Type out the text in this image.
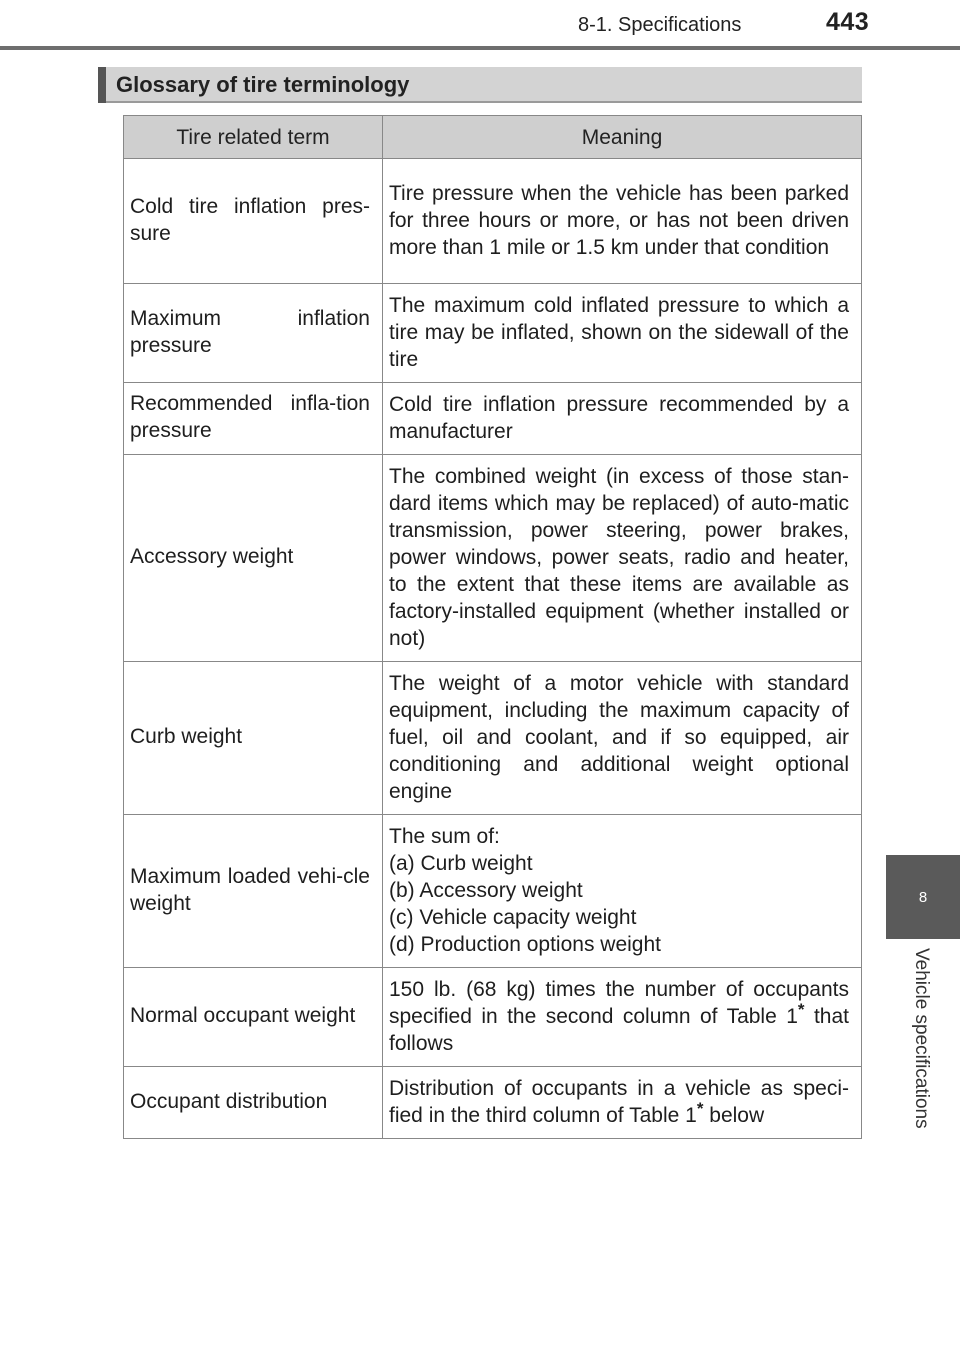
8-1. Specifications	443
8
Vehicle specifications
Glossary of tire terminology
Tire related term	Meaning
Cold tire inflation pres-sure	Tire pressure when the vehicle has been parked for three hours or more, or has not been driven more than 1 mile or 1.5 km under that condition
Maximum inflation pressure	The maximum cold inflated pressure to which a tire may be inflated, shown on the sidewall of the tire
Recommended infla-tion pressure	Cold tire inflation pressure recommended by a manufacturer
Accessory weight	The combined weight (in excess of those stan-dard items which may be replaced) of auto-matic transmission, power steering, power brakes, power windows, power seats, radio and heater, to the extent that these items are available as factory-installed equipment (whether installed or not)
Curb weight	The weight of a motor vehicle with standard equipment, including the maximum capacity of fuel, oil and coolant, and if so equipped, air conditioning and additional weight optional engine
Maximum loaded vehi-cle weight	The sum of:
(a) Curb weight
(b) Accessory weight
(c) Vehicle capacity weight
(d) Production options weight

Normal occupant weight	150 lb. (68 kg) times the number of occupants specified in the second column of Table 1* that follows
Occupant distribution	Distribution of occupants in a vehicle as speci-fied in the third column of Table 1* below
